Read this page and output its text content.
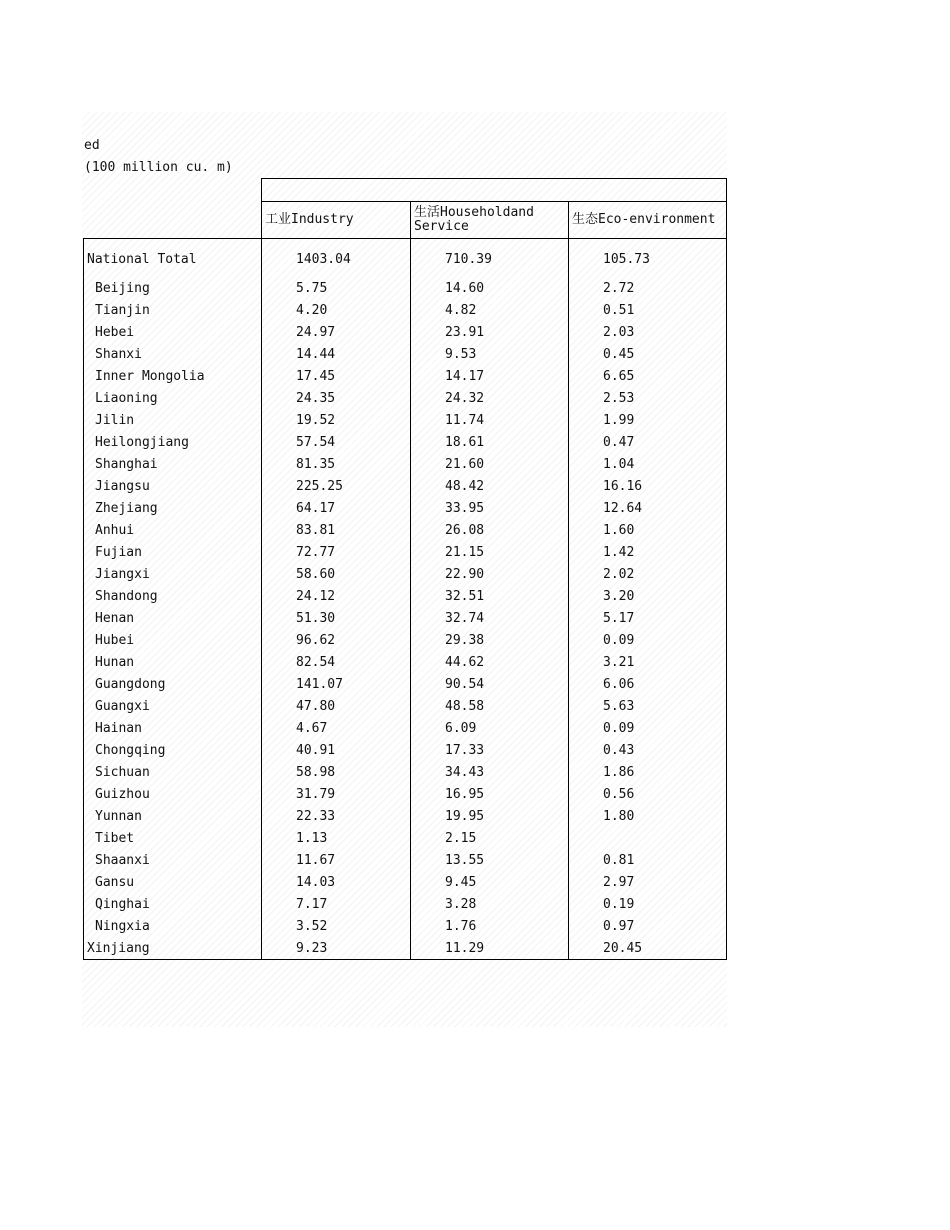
ed
(100 million cu. m)

	工业Industry	生活Householdand Service	生态Eco-environment
National Total	1403.04	710.39	105.73
Beijing	5.75	14.60	2.72
Tianjin	4.20	4.82	0.51
Hebei	24.97	23.91	2.03
Shanxi	14.44	9.53	0.45
Inner Mongolia	17.45	14.17	6.65
Liaoning	24.35	24.32	2.53
Jilin	19.52	11.74	1.99
Heilongjiang	57.54	18.61	0.47
Shanghai	81.35	21.60	1.04
Jiangsu	225.25	48.42	16.16
Zhejiang	64.17	33.95	12.64
Anhui	83.81	26.08	1.60
Fujian	72.77	21.15	1.42
Jiangxi	58.60	22.90	2.02
Shandong	24.12	32.51	3.20
Henan	51.30	32.74	5.17
Hubei	96.62	29.38	0.09
Hunan	82.54	44.62	3.21
Guangdong	141.07	90.54	6.06
Guangxi	47.80	48.58	5.63
Hainan	4.67	6.09	0.09
Chongqing	40.91	17.33	0.43
Sichuan	58.98	34.43	1.86
Guizhou	31.79	16.95	0.56
Yunnan	22.33	19.95	1.80
Tibet	1.13	2.15	
Shaanxi	11.67	13.55	0.81
Gansu	14.03	9.45	2.97
Qinghai	7.17	3.28	0.19
Ningxia	3.52	1.76	0.97
Xinjiang	9.23	11.29	20.45
